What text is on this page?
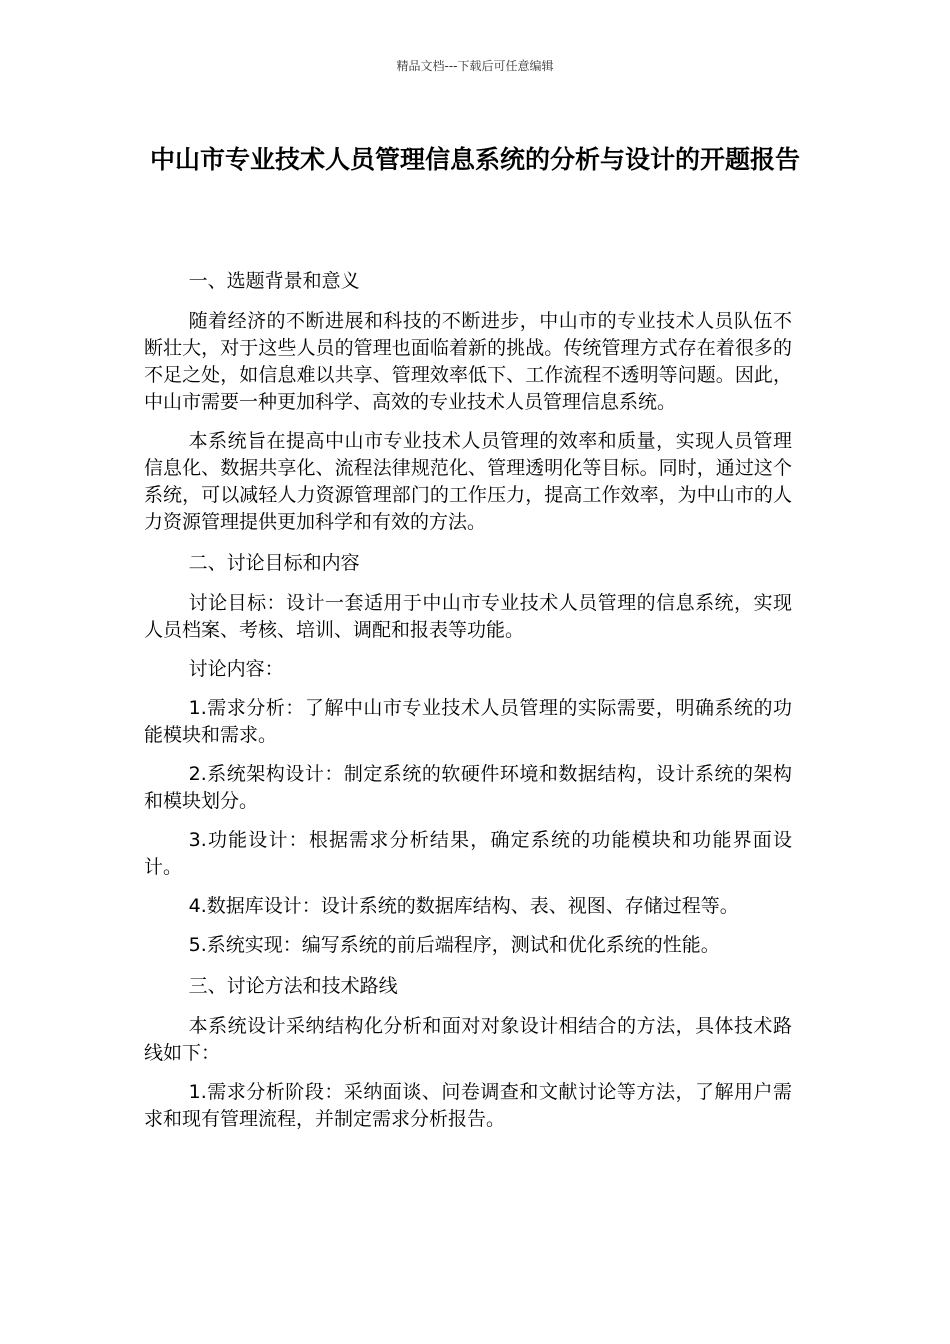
精品文档---下载后可任意编辑
中山市专业技术人员管理信息系统的分析与设计的开题报告
一、选题背景和意义

随着经济的不断进展和科技的不断进步，中山市的专业技术人员队伍不断壮大，对于这些人员的管理也面临着新的挑战。传统管理方式存在着很多的不足之处，如信息难以共享、管理效率低下、工作流程不透明等问题。因此，中山市需要一种更加科学、高效的专业技术人员管理信息系统。

本系统旨在提高中山市专业技术人员管理的效率和质量，实现人员管理信息化、数据共享化、流程法律规范化、管理透明化等目标。同时，通过这个系统，可以减轻人力资源管理部门的工作压力，提高工作效率，为中山市的人力资源管理提供更加科学和有效的方法。

二、讨论目标和内容

讨论目标：设计一套适用于中山市专业技术人员管理的信息系统，实现人员档案、考核、培训、调配和报表等功能。

讨论内容：

1.需求分析：了解中山市专业技术人员管理的实际需要，明确系统的功能模块和需求。

2.系统架构设计：制定系统的软硬件环境和数据结构，设计系统的架构和模块划分。

3.功能设计：根据需求分析结果，确定系统的功能模块和功能界面设计。

4.数据库设计：设计系统的数据库结构、表、视图、存储过程等。

5.系统实现：编写系统的前后端程序，测试和优化系统的性能。

三、讨论方法和技术路线

本系统设计采纳结构化分析和面对对象设计相结合的方法，具体技术路线如下：

1.需求分析阶段：采纳面谈、问卷调查和文献讨论等方法，了解用户需求和现有管理流程，并制定需求分析报告。
